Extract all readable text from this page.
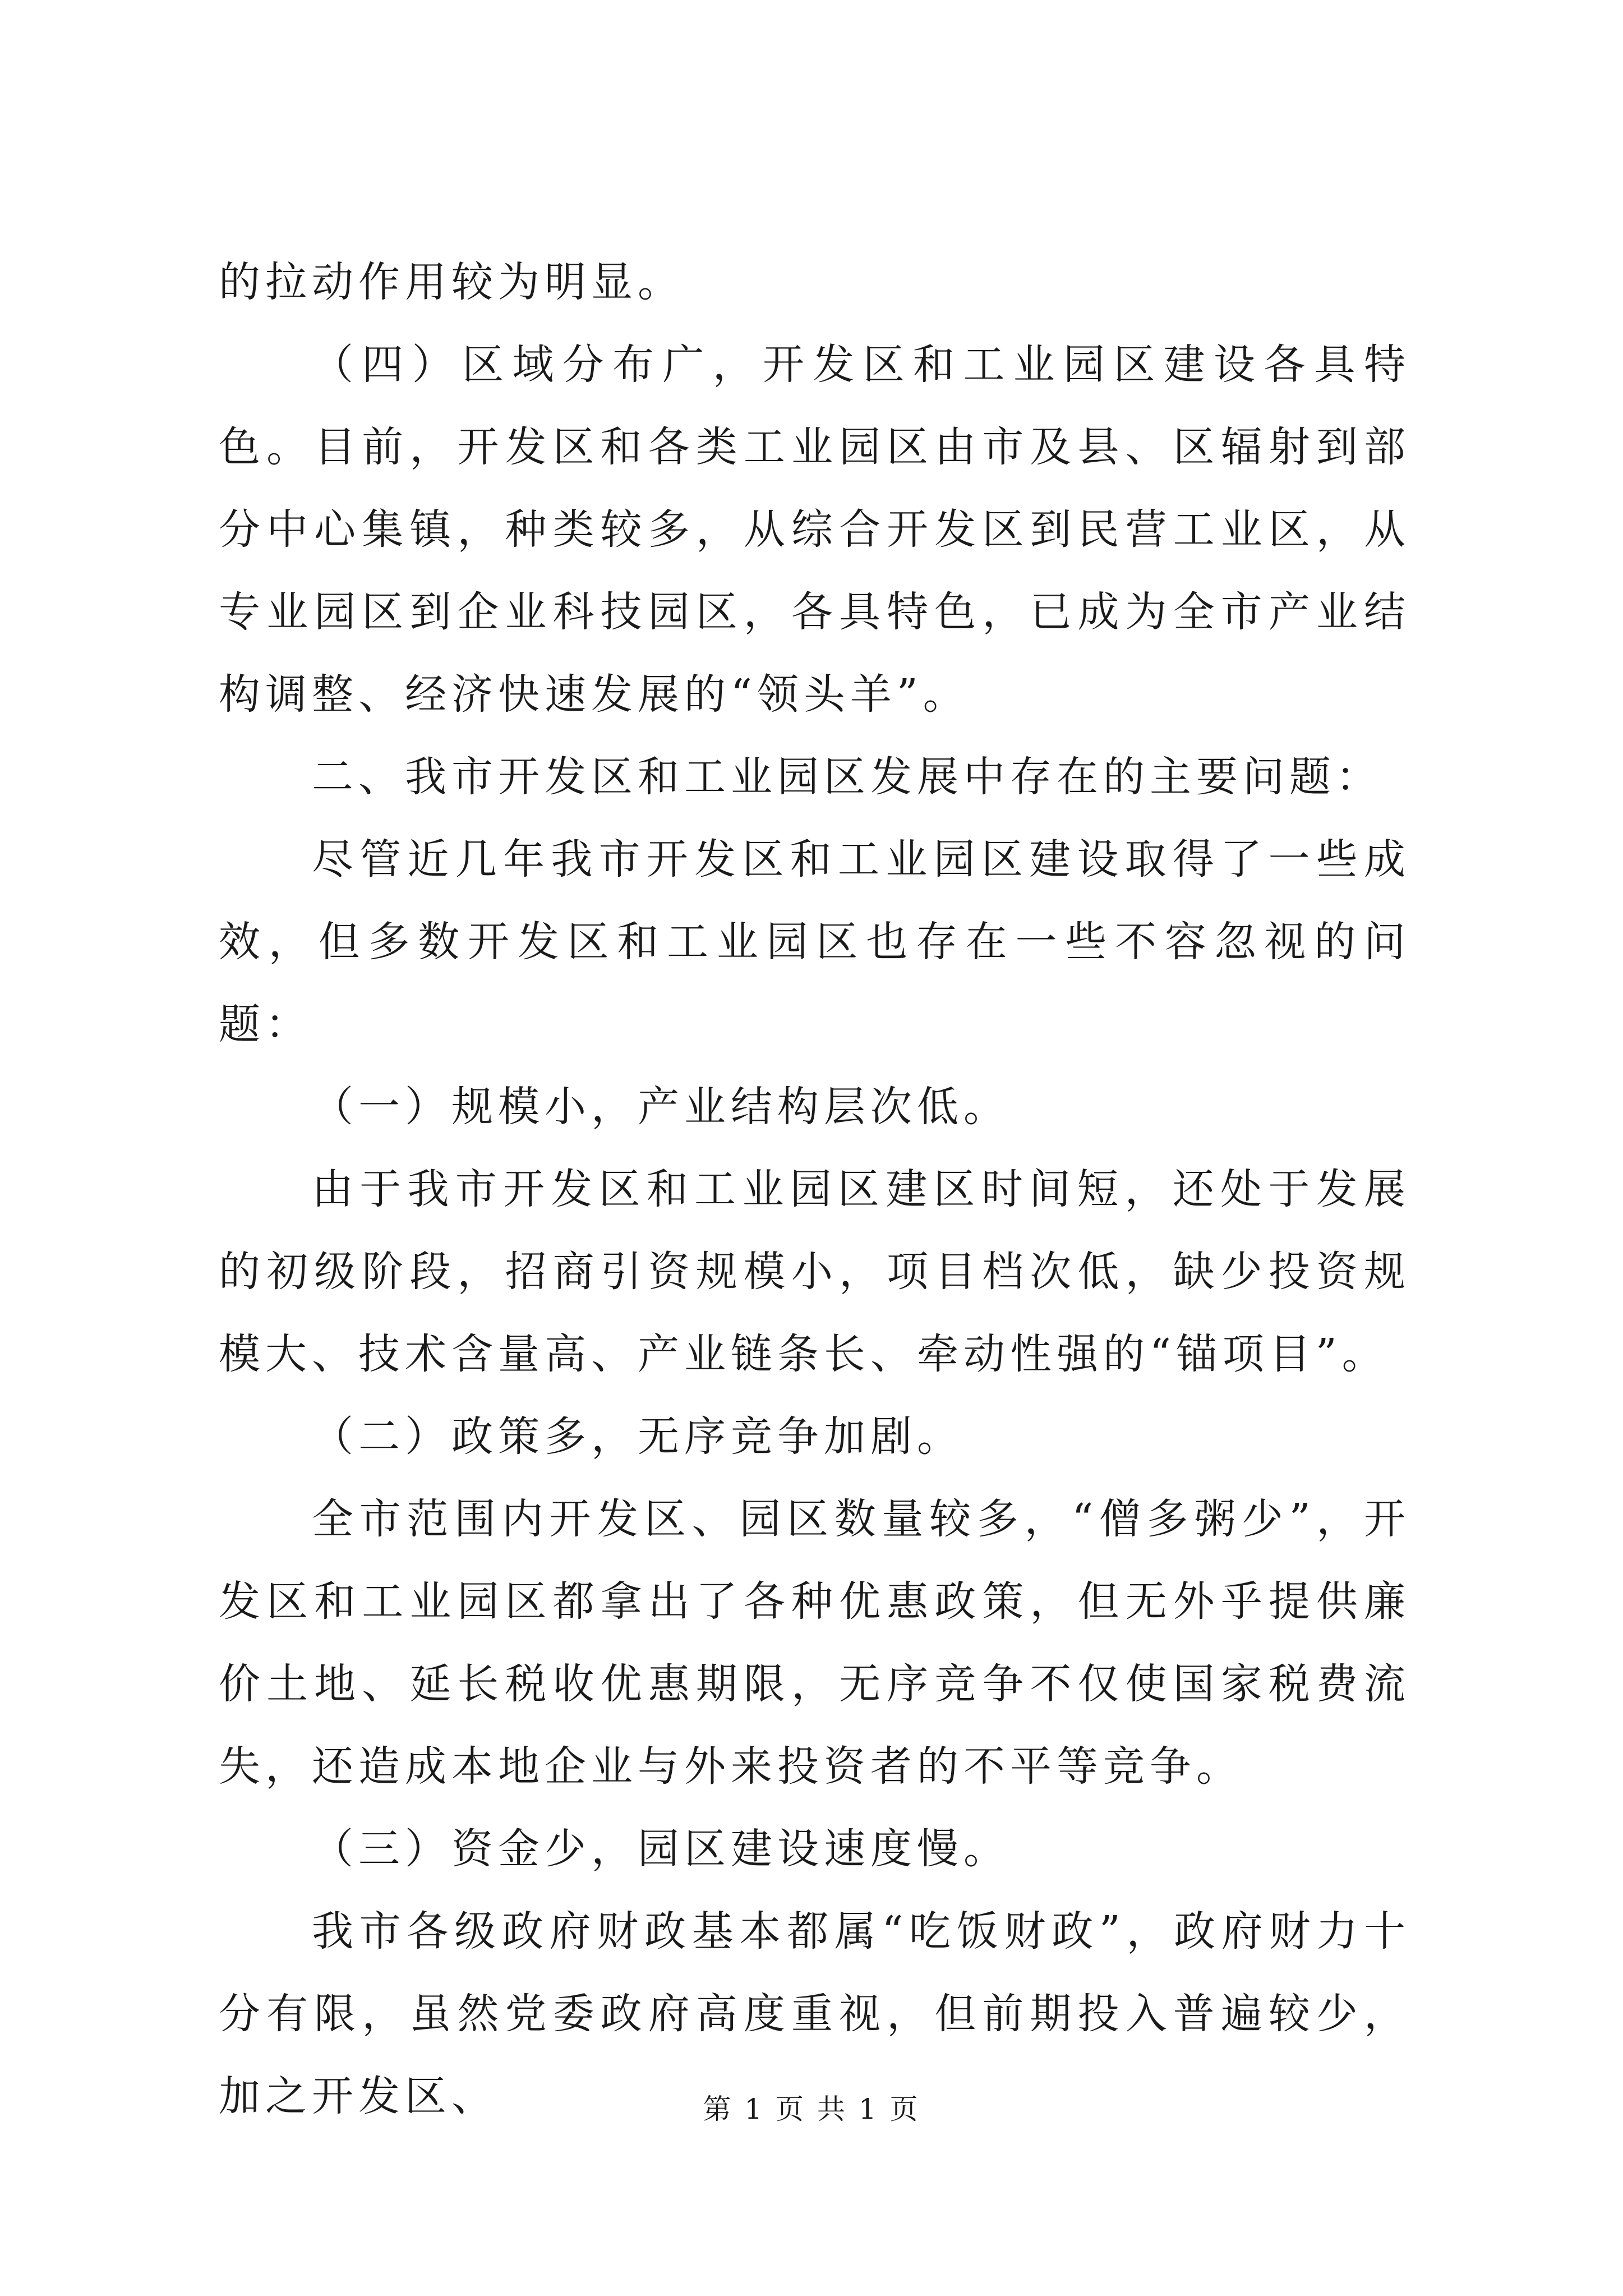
的拉动作用较为明显。

（四）区域分布广，开发区和工业园区建设各具特色。目前，开发区和各类工业园区由市及县、区辐射到部分中心集镇，种类较多，从综合开发区到民营工业区，从专业园区到企业科技园区，各具特色，已成为全市产业结构调整、经济快速发展的“领头羊”。

二、我市开发区和工业园区发展中存在的主要问题：

尽管近几年我市开发区和工业园区建设取得了一些成效，但多数开发区和工业园区也存在一些不容忽视的问题：

（一）规模小，产业结构层次低。

由于我市开发区和工业园区建区时间短，还处于发展的初级阶段，招商引资规模小，项目档次低，缺少投资规模大、技术含量高、产业链条长、牵动性强的“锚项目”。

（二）政策多，无序竞争加剧。

全市范围内开发区、园区数量较多，“僧多粥少”，开发区和工业园区都拿出了各种优惠政策，但无外乎提供廉价土地、延长税收优惠期限，无序竞争不仅使国家税费流失，还造成本地企业与外来投资者的不平等竞争。

（三）资金少，园区建设速度慢。

我市各级政府财政基本都属“吃饭财政”，政府财力十分有限，虽然党委政府高度重视，但前期投入普遍较少，加之开发区、	第 1 页 共 1 页
